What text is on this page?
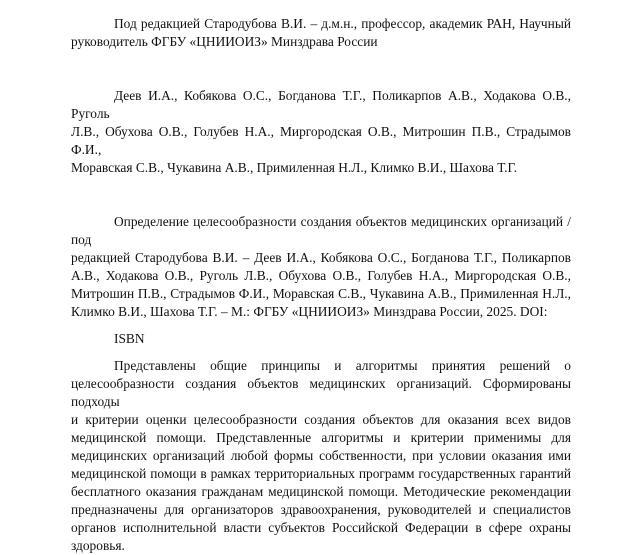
Под редакцией Стародубова В.И. – д.м.н., профессор, академик РАН, Научный
руководитель ФГБУ «ЦНИИОИЗ» Минздрава России
Деев И.А., Кобякова О.С., Богданова Т.Г., Поликарпов А.В., Ходакова О.В., Руголь
Л.В., Обухова О.В., Голубев Н.А., Миргородская О.В., Митрошин П.В., Страдымов Ф.И.,
Моравская С.В., Чукавина А.В., Примиленная Н.Л., Климко В.И., Шахова Т.Г.
Определение целесообразности создания объектов медицинских организаций / под
редакцией Стародубова В.И. – Деев И.А., Кобякова О.С., Богданова Т.Г., Поликарпов
А.В., Ходакова О.В., Руголь Л.В., Обухова О.В., Голубев Н.А., Миргородская О.В.,
Митрошин П.В., Страдымов Ф.И., Моравская С.В., Чукавина А.В., Примиленная Н.Л.,
Климко В.И., Шахова Т.Г. – М.: ФГБУ «ЦНИИОИЗ» Минздрава России, 2025. DOI:
ISBN
Представлены общие принципы и алгоритмы принятия решений о
целесообразности создания объектов медицинских организаций. Сформированы подходы
и критерии оценки целесообразности создания объектов для оказания всех видов
медицинской помощи. Представленные алгоритмы и критерии применимы для
медицинских организаций любой формы собственности, при условии оказания ими
медицинской помощи в рамках территориальных программ государственных гарантий
бесплатного оказания гражданам медицинской помощи. Методические рекомендации
предназначены для организаторов здравоохранения, руководителей и специалистов
органов исполнительной власти субъектов Российской Федерации в сфере охраны
здоровья.
